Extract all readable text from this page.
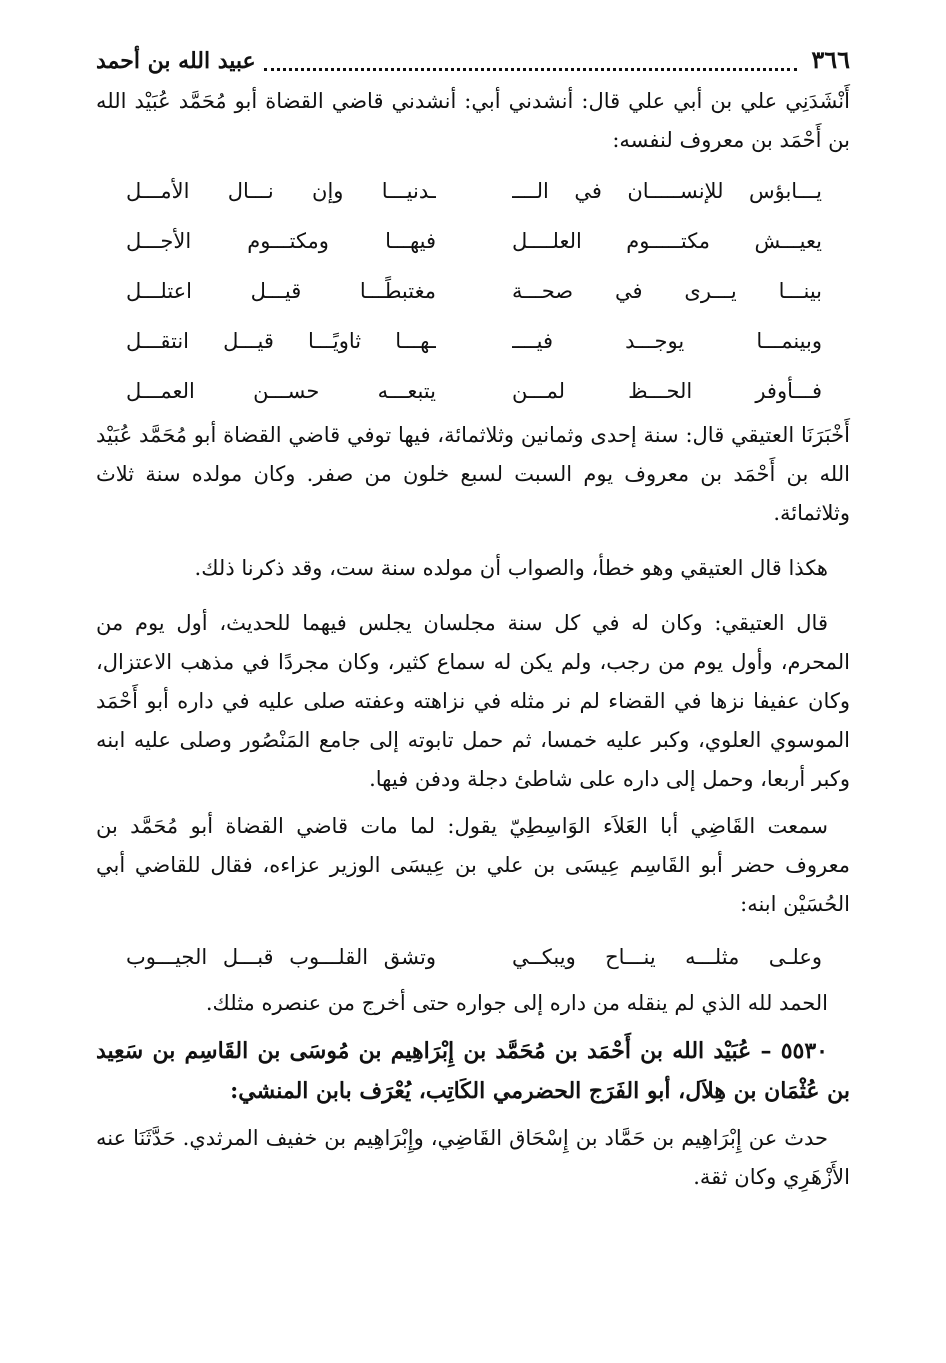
٣٦٦
عبيد الله بن أحمد

أَنْشَدَنِي علي بن أبي علي قال: أنشدني أبي: أنشدني قاضي القضاة أبو مُحَمَّد عُبَيْد الله بن أَحْمَد بن معروف لنفسه:

يـــابؤس للإنســـــان في الــــ
ـدنيـــا وإن نـــال الأمـــل
يعيـــش مكتـــــوم العلــــل
فيهـــا ومكتـــوم الأجـــل
بينـــا يـــرى في صحـــة
مغتبطًـــا قيـــل اعتلـــل
وبينمـــا يوجـــد فيــــ
ـهـــا ثاويًـــا قيـــل انتقـــل
فـــأوفر الحـــظ لمـــن
يتبعـــه حســـن العمـــل

أَخْبَرَنَا العتيقي قال: سنة إحدى وثمانين وثلاثمائة، فيها توفي قاضي القضاة أبو مُحَمَّد عُبَيْد الله بن أَحْمَد بن معروف يوم السبت لسبع خلون من صفر. وكان مولده سنة ثلاث وثلاثمائة.

هكذا قال العتيقي وهو خطأ، والصواب أن مولده سنة ست، وقد ذكرنا ذلك.

قال العتيقي: وكان له في كل سنة مجلسان يجلس فيهما للحديث، أول يوم من المحرم، وأول يوم من رجب، ولم يكن له سماع كثير، وكان مجردًا في مذهب الاعتزال، وكان عفيفا نزها في القضاء لم نر مثله في نزاهته وعفته صلى عليه في داره أبو أَحْمَد الموسوي العلوي، وكبر عليه خمسا، ثم حمل تابوته إلى جامع المَنْصُور وصلى عليه ابنه وكبر أربعا، وحمل إلى داره على شاطئ دجلة ودفن فيها.

سمعت القَاضِي أبا العَلاَء الوَاسِطِيّ يقول: لما مات قاضي القضاة أبو مُحَمَّد بن معروف حضر أبو القَاسِم عِيسَى بن علي بن عِيسَى الوزير عزاءه، فقال للقاضي أبي الحُسَيْن ابنه:

وعلـى مثلـــه ينـــاح ويبكــي
وتشق القلـــوب قبـــل الجيـــوب

الحمد لله الذي لم ينقله من داره إلى جواره حتى أخرج من عنصره مثلك.

٥٥٣٠ – عُبَيْد الله بن أَحْمَد بن مُحَمَّد بن إِبْرَاهِيم بن مُوسَى بن القَاسِم بن سَعِيد بن عُثْمَان بن هِلاَل، أبو الفَرَج الحضرمي الكَاتِب، يُعْرَف بابن المنشي:

حدث عن إِبْرَاهِيم بن حَمَّاد بن إِسْحَاق القَاضِي، وإِبْرَاهِيم بن خفيف المرثدي. حَدَّثَنَا عنه الأَزْهَرِي وكان ثقة.
